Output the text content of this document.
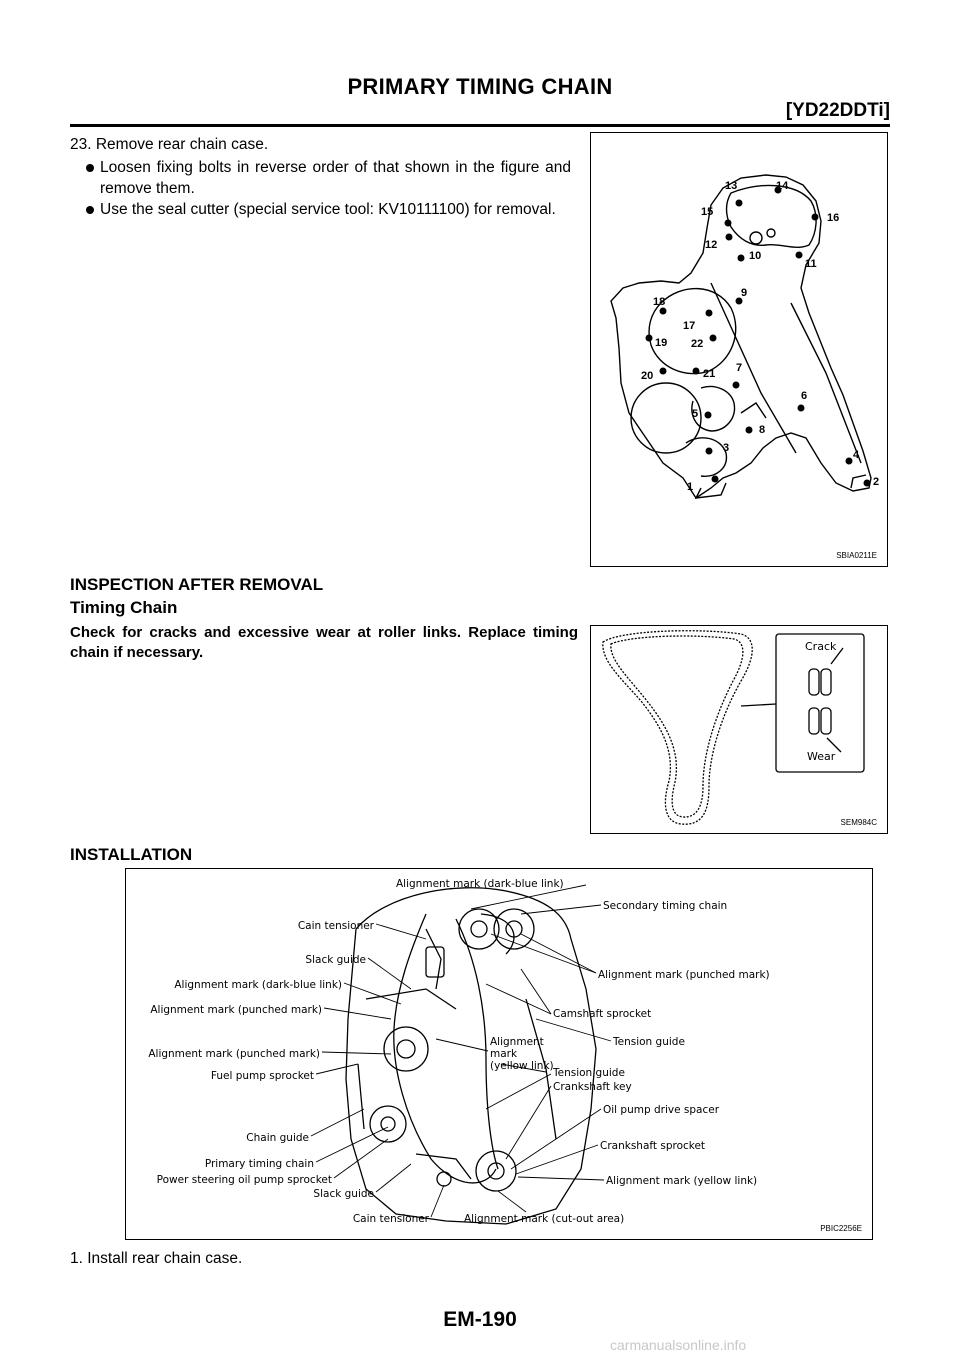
PRIMARY TIMING CHAIN
[YD22DDTi]
23. Remove rear chain case.
Loosen fixing bolts in reverse order of that shown in the figure and remove them.
Use the seal cutter (special service tool: KV10111100) for removal.
1	2
3
4
5
6
7
8
9
10
11
12
13	14
15	16
17
18
19
20	21
22
SBIA0211E
INSPECTION AFTER REMOVAL
Timing Chain
Check for cracks and excessive wear at roller links. Replace timing chain if necessary.	Crack
Wear
SEM984C
INSTALLATION
Cain tensioner
Slack guide
Alignment mark (dark-blue link)
Alignment mark (punched mark)
Alignment mark (punched mark)
Fuel pump sprocket
Chain guide
Primary timing chain
Power steering oil pump sprocket
Slack guide
Cain tensioner
Alignment mark (dark-blue link)
Secondary timing chain
Alignment mark (punched mark)
Camshaft sprocket
Tension guide
Tension guide
Crankshaft key
Oil pump drive spacer
Crankshaft sprocket
Alignment mark (yellow link)
Alignment mark (cut-out area)
Alignment
mark
(yellow link)
PBIC2256E
1. Install rear chain case.
EM-190
carmanualsonline.info
